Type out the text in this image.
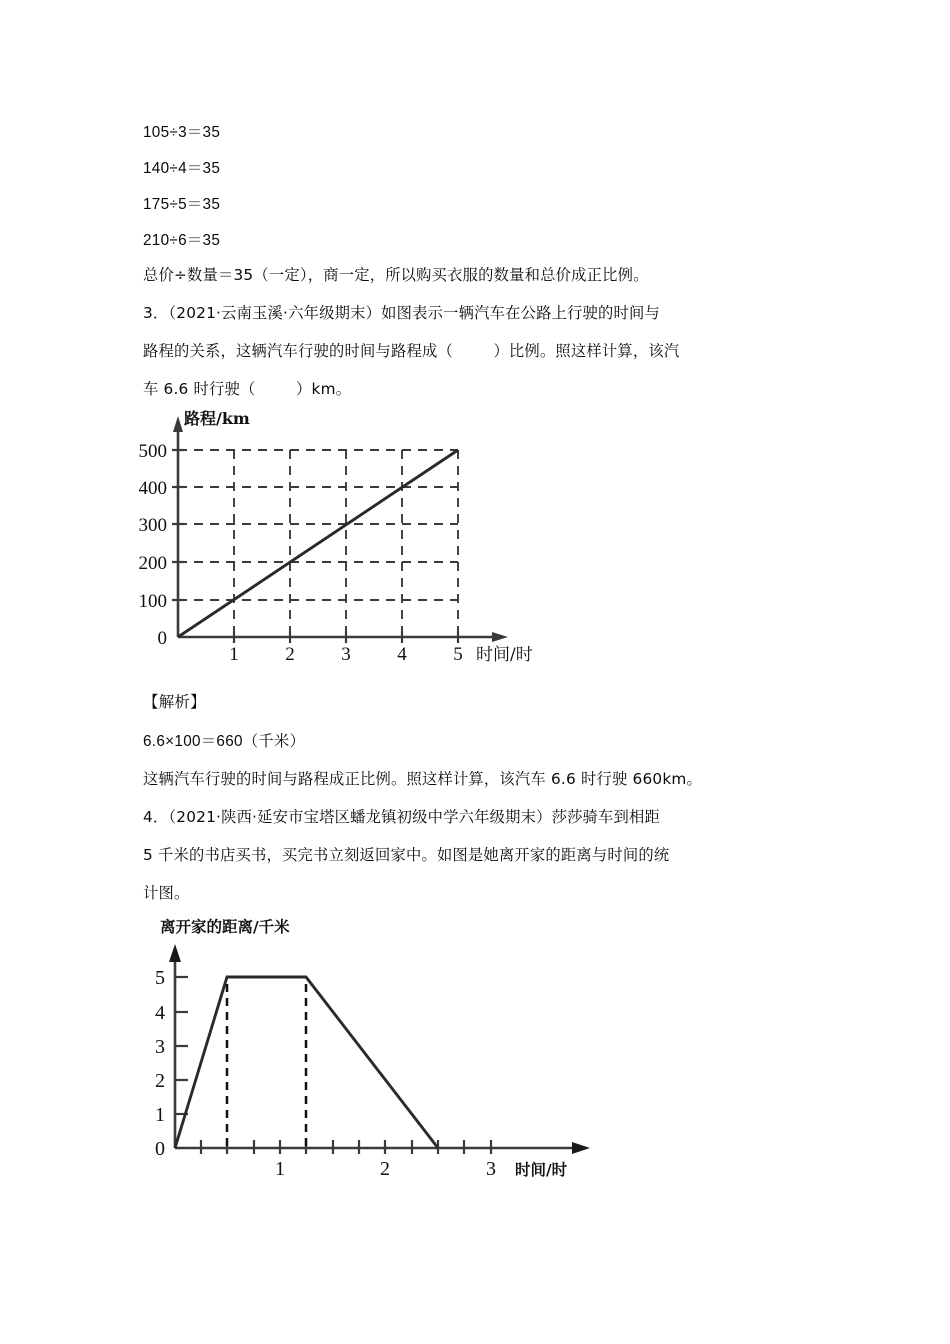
105÷3＝35
140÷4＝35
175÷5＝35
210÷6＝35
总价÷数量＝35（一定），商一定，所以购买衣服的数量和总价成正比例。
3．（2021·云南玉溪·六年级期末）如图表示一辆汽车在公路上行驶的时间与
路程的关系，这辆汽车行驶的时间与路程成（        ）比例。照这样计算，该汽
车 6.6 时行驶（        ）km。
路程/km
500
400
300
200
100
0
1 2 3 4 5 时间/时
【解析】
6.6×100＝660（千米）
这辆汽车行驶的时间与路程成正比例。照这样计算，该汽车 6.6 时行驶 660km。
4．（2021·陕西·延安市宝塔区蟠龙镇初级中学六年级期末）莎莎骑车到相距
5 千米的书店买书，买完书立刻返回家中。如图是她离开家的距离与时间的统
计图。
离开家的距离/千米
5
4
3
2
1
0
1	2	3 时间/时
